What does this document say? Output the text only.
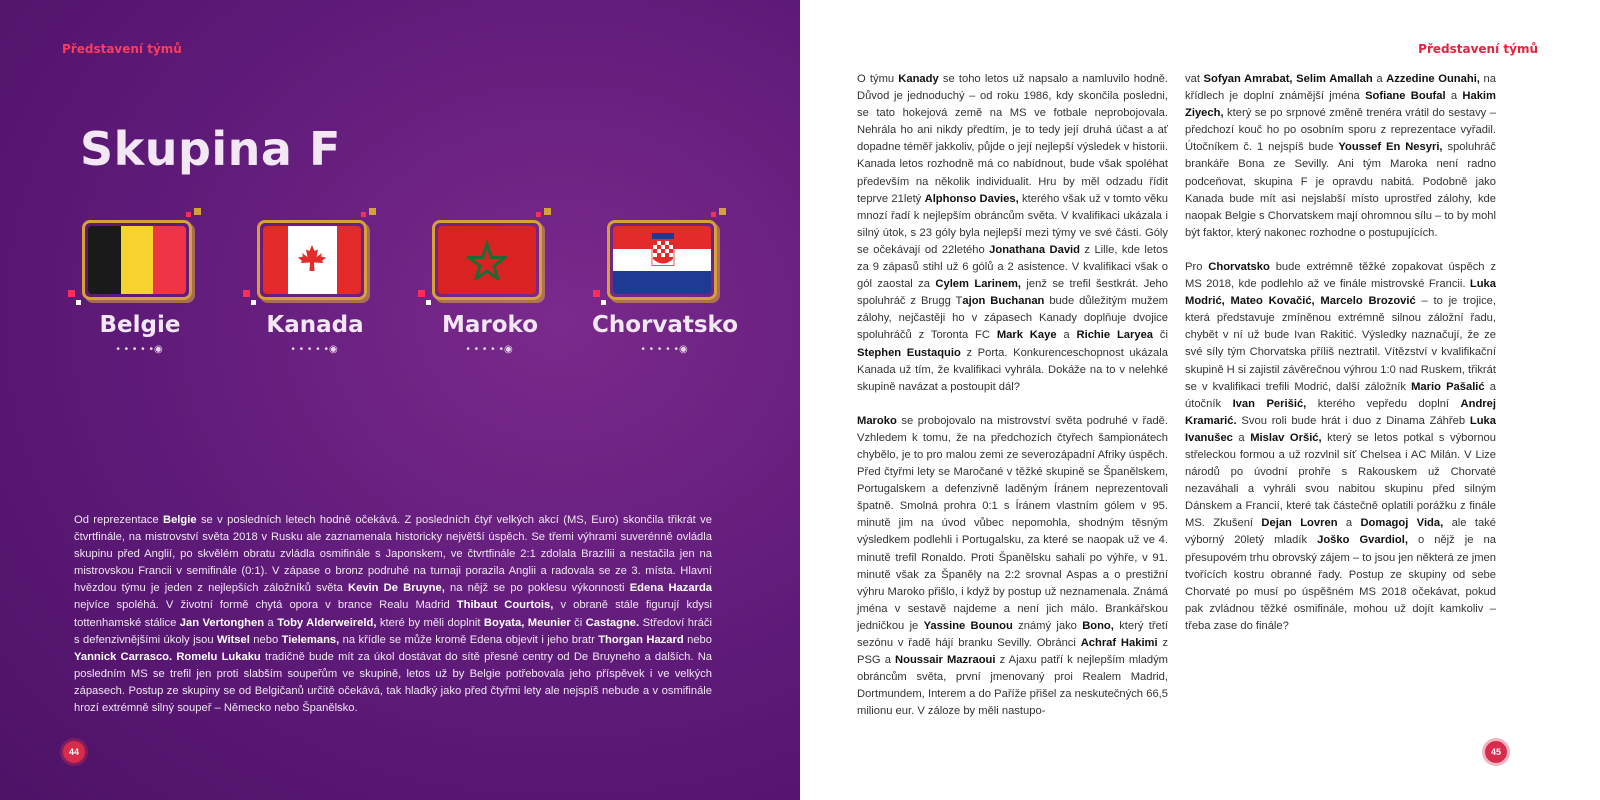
Představení týmů
Skupina F
Belgie
• • • • •◉
Kanada
• • • • •◉
Maroko
• • • • •◉
Chorvatsko
• • • • •◉
Od reprezentace Belgie se v posledních letech hodně očekává. Z posledních čtyř velkých akcí (MS, Euro) skončila třikrát ve čtvrtfinále, na mistrovství světa 2018 v Rusku ale zaznamenala historicky největší úspěch. Se třemi výhrami suverénně ovládla skupinu před Anglií, po skvělém obratu zvládla osmifinále s Japonskem, ve čtvrtfinále 2:1 zdolala Brazílii a nestačila jen na mistrovskou Francii v semifinále (0:1). V zápase o bronz podruhé na turnaji porazila Anglii a radovala se ze 3. místa. Hlavní hvězdou týmu je jeden z nejlepších záložníků světa Kevin De Bruyne, na nějž se po poklesu výkonnosti Edena Hazarda nejvíce spoléhá. V životní formě chytá opora v brance Realu Madrid Thibaut Courtois, v obraně stále figurují kdysi tottenhamské stálice Jan Vertonghen a Toby Alderweireld, které by měli doplnit Boyata, Meunier či Castagne. Středoví hráči s defenzivnějšími úkoly jsou Witsel nebo Tielemans, na křídle se může kromě Edena objevit i jeho bratr Thorgan Hazard nebo Yannick Carrasco. Romelu Lukaku tradičně bude mít za úkol dostávat do sítě přesné centry od De Bruyneho a dalších. Na posledním MS se trefil jen proti slabším soupeřům ve skupině, letos už by Belgie potřebovala jeho příspěvek i ve velkých zápasech. Postup ze skupiny se od Belgičanů určitě očekává, tak hladký jako před čtyřmi lety ale nejspíš nebude a v osmifinále hrozí extrémně silný soupeř – Německo nebo Španělsko.
44
Představení týmů

O týmu Kanady se toho letos už napsalo a namluvilo hodně. Důvod je jednoduchý – od roku 1986, kdy skončila posledni, se tato hokejová země na MS ve fotbale neprobojovala. Nehrála ho ani nikdy předtím, je to tedy její druhá účast a ať dopadne téměř jakkoliv, půjde o její nejlepší výsledek v historii. Kanada letos rozhodně má co nabídnout, bude však spoléhat především na několik individualit. Hru by měl odzadu řídit teprve 21letý Alphonso Davies, kterého však už v tomto věku mnozí řadí k nejlepším obráncům světa. V kvalifikaci ukázala i silný útok, s 23 góly byla nejlepší mezi týmy ve své části. Góly se očekávají od 22letého Jonathana David z Lille, kde letos za 9 zápasů stihl už 6 gólů a 2 asistence. V kvalifikaci však o gól zaostal za Cylem Larinem, jenž se trefil šestkrát. Jeho spoluhráč z Brugg Tajon Buchanan bude důležitým mužem zálohy, nejčastěji ho v zápasech Kanady doplňuje dvojice spoluhráčů z Toronta FC Mark Kaye a Richie Laryea či Stephen Eustaquio z Porta. Konkurenceschopnost ukázala Kanada už tím, že kvalifikaci vyhrála. Dokáže na to v nelehké skupině navázat a postoupit dál?

Maroko se probojovalo na mistrovství světa podruhé v řadě. Vzhledem k tomu, že na předchozích čtyřech šampionátech chybělo, je to pro malou zemi ze severozápadní Afriky úspěch. Před čtyřmi lety se Maročané v těžké skupině se Španělskem, Portugalskem a defenzivně laděným Íránem neprezentovali špatně. Smolná prohra 0:1 s Íránem vlastním gólem v 95. minutě jim na úvod vůbec nepomohla, shodným těsným výsledkem podlehli i Portugalsku, za které se naopak už ve 4. minutě trefil Ronaldo. Proti Španělsku sahali po výhře, v 91. minutě však za Španěly na 2:2 srovnal Aspas a o prestižní výhru Maroko přišlo, i když by postup už neznamenala. Známá jména v sestavě najdeme a není jich málo. Brankářskou jedničkou je Yassine Bounou známý jako Bono, který třetí sezónu v řadě hájí branku Sevilly. Obránci Achraf Hakimi z PSG a Noussair Mazraoui z Ajaxu patří k nejlepším mladým obráncům světa, první jmenovaný proi Realem Madrid, Dortmundem, Interem a do Paříže přišel za neskutečných 66,5 milionu eur. V záloze by měli nastupo-

vat Sofyan Amrabat, Selim Amallah a Azzedine Ounahi, na křídlech je doplní známější jména Sofiane Boufal a Hakim Ziyech, který se po srpnové změně trenéra vrátil do sestavy – předchozí kouč ho po osobním sporu z reprezentace vyřadil. Útočníkem č. 1 nejspíš bude Youssef En Nesyri, spoluhráč brankáře Bona ze Sevilly. Ani tým Maroka není radno podceňovat, skupina F je opravdu nabitá. Podobně jako Kanada bude mít asi nejslabší místo uprostřed zálohy, kde naopak Belgie s Chorvatskem mají ohromnou sílu – to by mohl být faktor, který nakonec rozhodne o postupujících.

Pro Chorvatsko bude extrémně těžké zopakovat úspěch z MS 2018, kde podlehlo až ve finále mistrovské Francii. Luka Modrić, Mateo Kovačić, Marcelo Brozović – to je trojice, která představuje zmíněnou extrémně silnou záložní řadu, chybět v ní už bude Ivan Rakitić. Výsledky naznačují, že ze své síly tým Chorvatska příliš neztratil. Vítězství v kvalifikační skupině H si zajistil závěrečnou výhrou 1:0 nad Ruskem, třikrát se v kvalifikaci trefili Modrić, další záložník Mario Pašalić a útočník Ivan Perišić, kterého vepředu doplní Andrej Kramarić. Svou roli bude hrát i duo z Dinama Záhřeb Luka Ivanušec a Mislav Oršić, který se letos potkal s výbornou střeleckou formou a už rozvlnil síť Chelsea i AC Milán. V Lize národů po úvodní prohře s Rakouskem už Chorvaté nezaváhali a vyhráli svou nabitou skupinu před silným Dánskem a Francií, které tak částečně oplatili porážku z finále MS. Zkušení Dejan Lovren a Domagoj Vida, ale také výborný 20letý mladík Joško Gvardiol, o nějž je na přesupovém trhu obrovský zájem – to jsou jen některá ze jmen tvořících kostru obranné řady. Postup ze skupiny od sebe Chorvaté po musí po úspěšném MS 2018 očekávat, pokud pak zvládnou těžké osmifinále, mohou už dojít kamkoliv – třeba zase do finále?

45
